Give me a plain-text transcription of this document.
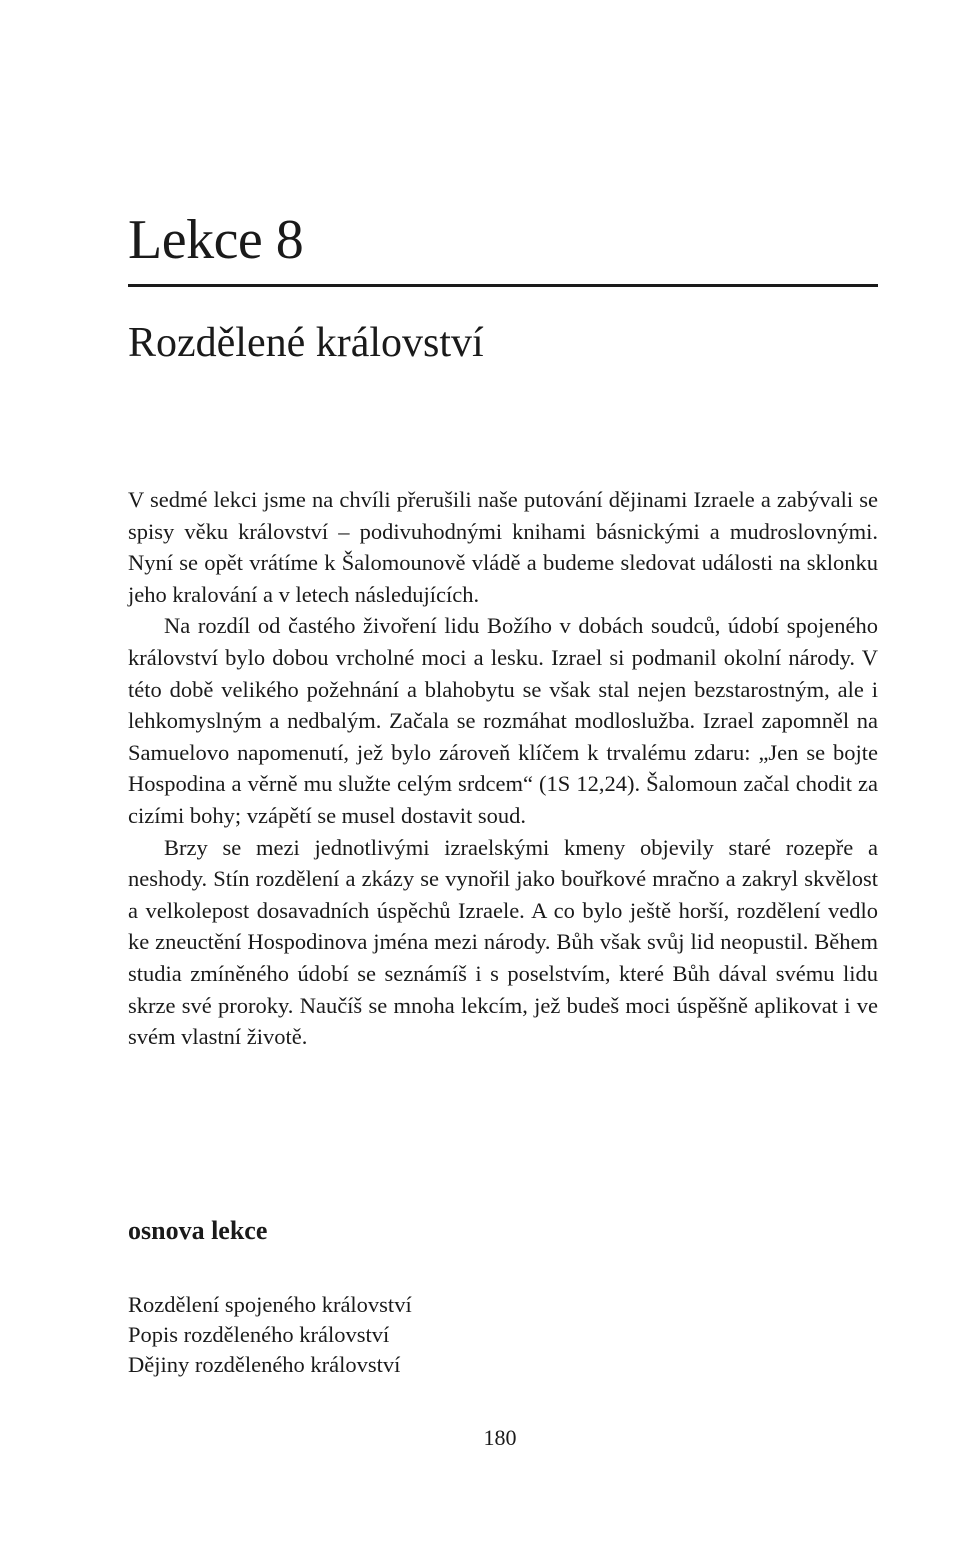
Lekce 8
Rozdělené království

V sedmé lekci jsme na chvíli přerušili naše putování dějinami Izraele a zabývali se spisy věku království – podivuhodnými knihami básnickými a mudroslovnými. Nyní se opět vrátíme k Šalomounově vládě a budeme sledovat události na sklonku jeho kralování a v letech následujících.

Na rozdíl od častého živoření lidu Božího v dobách soudců, údobí spojeného království bylo dobou vrcholné moci a lesku. Izrael si podmanil okolní národy. V této době velikého požehnání a blahobytu se však stal nejen bezstarostným, ale i lehkomyslným a nedbalým. Začala se rozmáhat modloslužba. Izrael zapomněl na Samuelovo napomenutí, jež bylo zároveň klíčem k trvalému zdaru: „Jen se bojte Hospodina a věrně mu služte celým srdcem“ (1S 12,24). Šalomoun začal chodit za cizími bohy; vzápětí se musel dostavit soud.

Brzy se mezi jednotlivými izraelskými kmeny objevily staré rozepře a neshody. Stín rozdělení a zkázy se vynořil jako bouřkové mračno a zakryl skvělost a velkolepost dosavadních úspěchů Izraele. A co bylo ještě horší, rozdělení vedlo ke zneuctění Hospodinova jména mezi národy. Bůh však svůj lid neopustil. Během studia zmíněného údobí se seznámíš i s poselstvím, které Bůh dával svému lidu skrze své proroky. Naučíš se mnoha lekcím, jež budeš moci úspěšně aplikovat i ve svém vlastní životě.

osnova lekce
Rozdělení spojeného království
Popis rozděleného království
Dějiny rozděleného království
180
